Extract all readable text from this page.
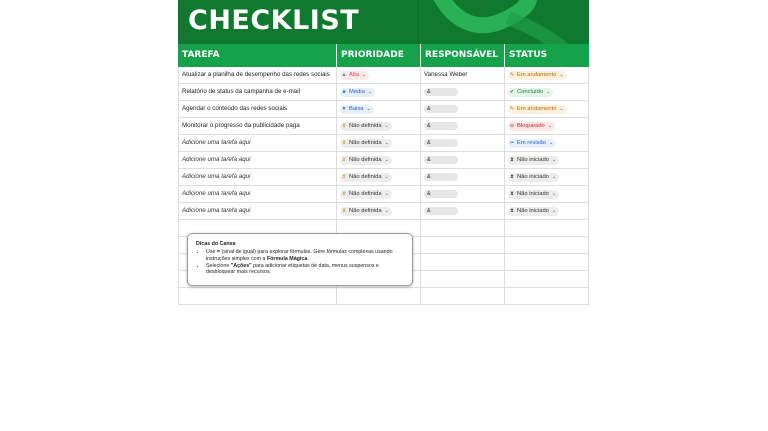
CHECKLIST
TAREFA	PRIORIDADE	RESPONSÁVEL	STATUS
Atualizar a planilha de desempenho das redes sociais	▲ Alta ⌄	Vanessa Weber	✎ Em andamento ⌄
Relatório de status da campanha de e-mail	■ Média ⌄	&	✔ Concluído ⌄
Agendar o conteúdo das redes sociais	▼ Baixa ⌄	&	✎ Em andamento ⌄
Monitorar o progresso da publicidade paga	⧗ Não definida ⌄	&	⊖ Bloqueado ⌄
Adicione uma tarefa aqui	⧗ Não definida ⌄	&	•• Em revisão ⌄
Adicione uma tarefa aqui	⧗ Não definida ⌄	&	⧗ Não iniciado ⌄
Adicione uma tarefa aqui	⧗ Não definida ⌄	&	⧗ Não iniciado ⌄
Adicione uma tarefa aqui	⧗ Não definida ⌄	&	⧗ Não iniciado ⌄
Adicione uma tarefa aqui	⧗ Não definida ⌄	&	⧗ Não iniciado ⌄
Dicas do Canva
• Use = (sinal de igual) para explorar fórmulas. Gere fórmulas complexas usando instruções simples com a Fórmula Mágica.
• Selecione "Ações" para adicionar etiquetas de data, menus suspensos e desbloquear mais recursos.
